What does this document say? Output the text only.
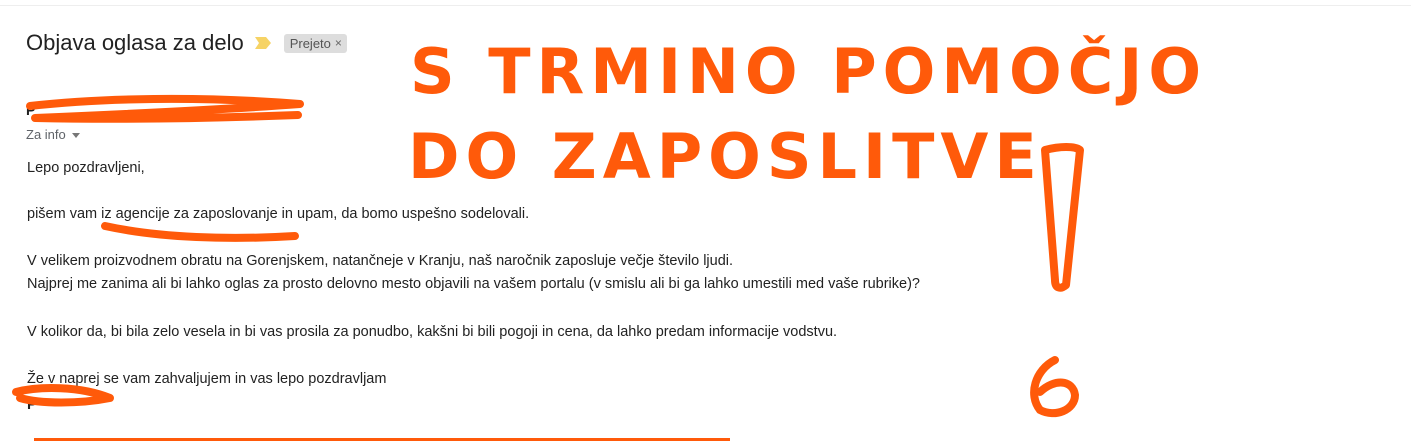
Objava oglasa za delo	Prejeto ×
P
Za info
Lepo pozdravljeni,
pišem vam iz agencije za zaposlovanje in upam, da bomo uspešno sodelovali.
V velikem proizvodnem obratu na Gorenjskem, natančneje v Kranju, naš naročnik zaposluje večje število ljudi.
Najprej me zanima ali bi lahko oglas za prosto delovno mesto objavili na vašem portalu (v smislu ali bi ga lahko umestili med vaše rubrike)?
V kolikor da, bi bila zelo vesela in bi vas prosila za ponudbo, kakšni bi bili pogoji in cena, da lahko predam informacije vodstvu.
Že v naprej se vam zahvaljujem in vas lepo pozdravljam
P
S TRMINO POMOČJO
DO ZAPOSLITVE
